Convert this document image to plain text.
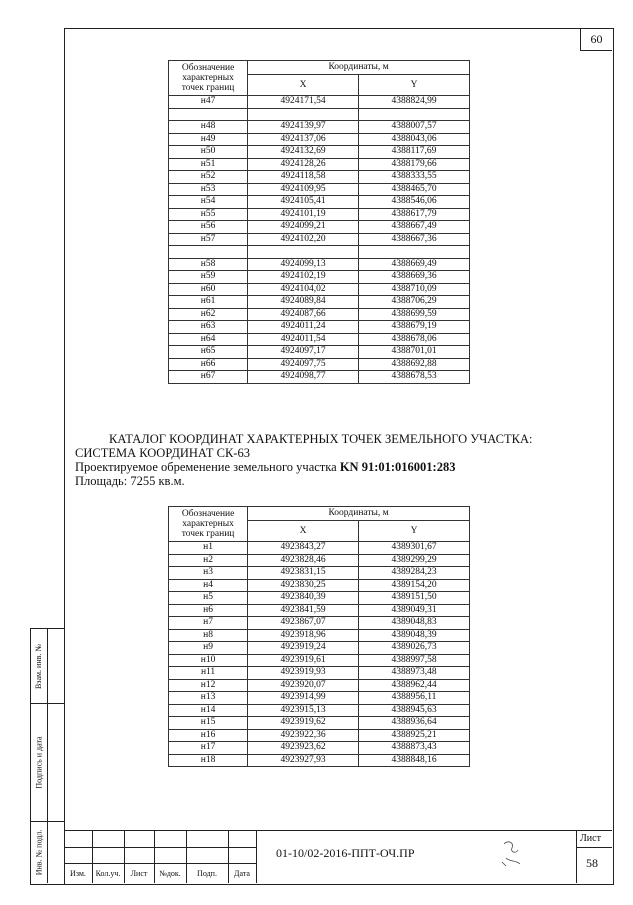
60
Обозначение характерных точек границ	Координаты, м	
	X	Y
н47	4924171,54	4388824,99

н48	4924139,97	4388007,57
н49	4924137,06	4388043,06
н50	4924132,69	4388117,69
н51	4924128,26	4388179,66
н52	4924118,58	4388333,55
н53	4924109,95	4388465,70
н54	4924105,41	4388546,06
н55	4924101,19	4388617,79
н56	4924099,21	4388667,49
н57	4924102,20	4388667,36

н58	4924099,13	4388669,49
н59	4924102,19	4388669,36
н60	4924104,02	4388710,09
н61	4924089,84	4388706,29
н62	4924087,66	4388699,59
н63	4924011,24	4388679,19
н64	4924011,54	4388678,06
н65	4924097,17	4388701,01
н66	4924097,75	4388692,88
н67	4924098,77	4388678,53
КАТАЛОГ КООРДИНАТ ХАРАКТЕРНЫХ ТОЧЕК ЗЕМЕЛЬНОГО УЧАСТКА:
СИСТЕМА КООРДИНАТ СК-63
Проектируемое обременение земельного участка KN 91:01:016001:283
Площадь: 7255 кв.м.
Обозначение характерных точек границ	Координаты, м	
	X	Y
н1	4923843,27	4389301,67
н2	4923828,46	4389299,29
н3	4923831,15	4389284,23
н4	4923830,25	4389154,20
н5	4923840,39	4389151,50
н6	4923841,59	4389049,31
н7	4923867,07	4389048,83
н8	4923918,96	4389048,39
н9	4923919,24	4389026,73
н10	4923919,61	4388997,58
н11	4923919,93	4388973,48
н12	4923920,07	4388962,44
н13	4923914,99	4388956,11
н14	4923915,13	4388945,63
н15	4923919,62	4388936,64
н16	4923922,36	4388925,21
н17	4923923,62	4388873,43
н18	4923927,93	4388848,16
Взам. инв. №
Подпись и дата
Инв. № подл.	Изм.	Кол.уч.	Лист	№док.	Подп.	Дата
01-10/02-2016-ППТ-ОЧ.ПР
Лист
58
